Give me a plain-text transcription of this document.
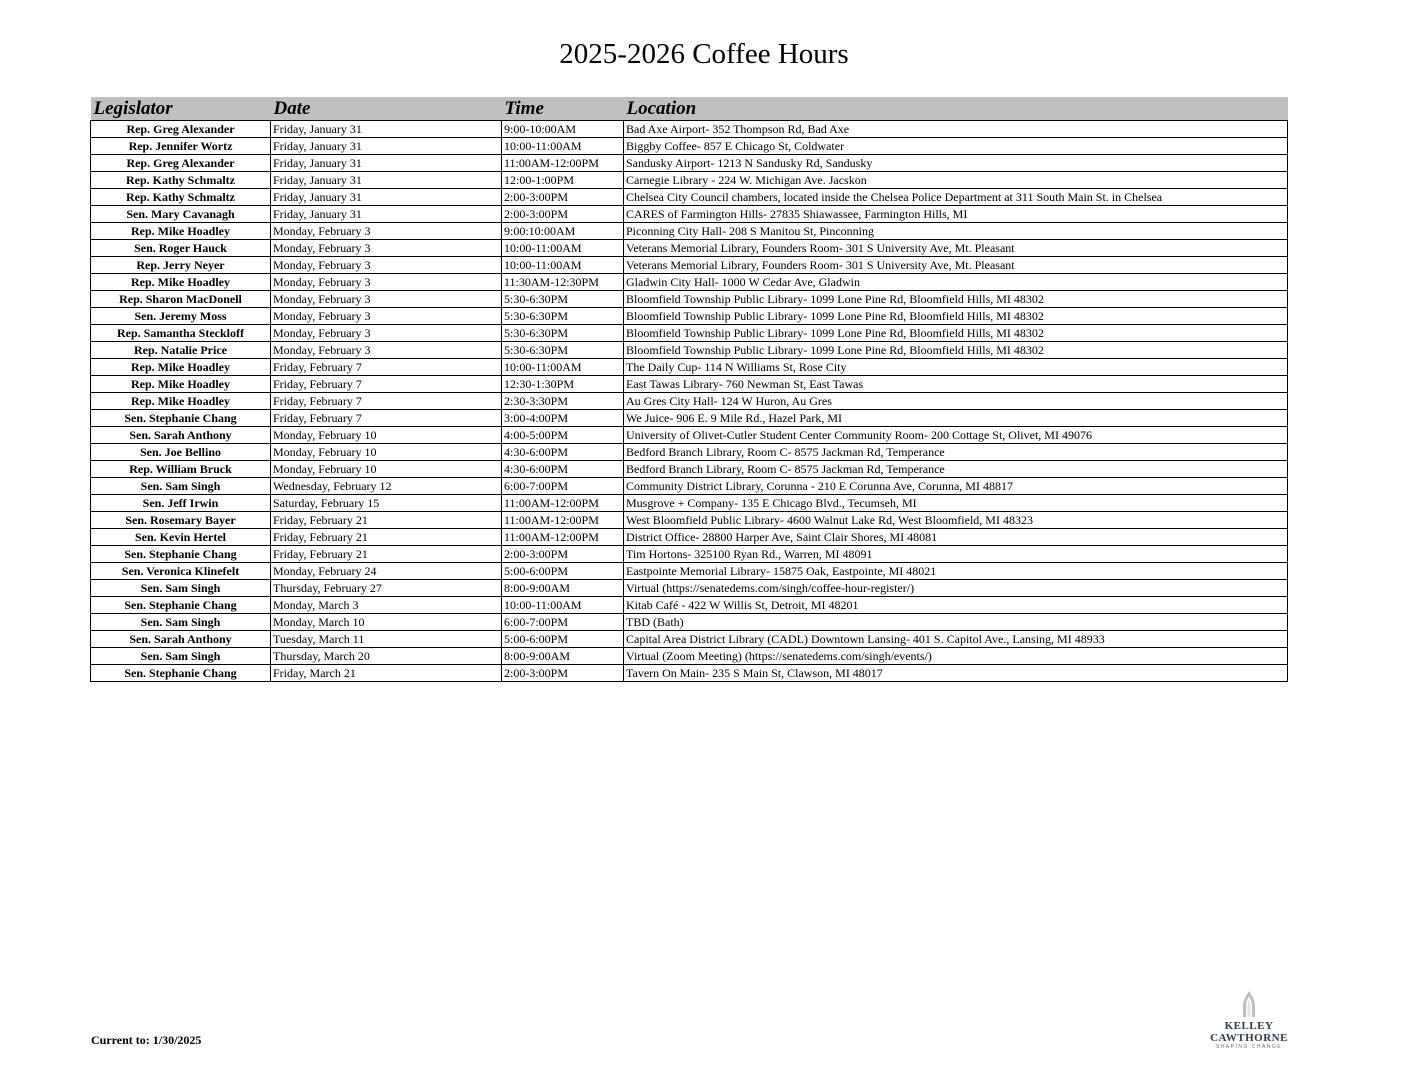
2025-2026 Coffee Hours
Legislator	Date	Time	Location
Rep. Greg Alexander	Friday, January 31	9:00-10:00AM	Bad Axe Airport- 352 Thompson Rd, Bad Axe
Rep. Jennifer Wortz	Friday, January 31	10:00-11:00AM	Biggby Coffee- 857 E Chicago St, Coldwater
Rep. Greg Alexander	Friday, January 31	11:00AM-12:00PM	Sandusky Airport- 1213 N Sandusky Rd, Sandusky
Rep. Kathy Schmaltz	Friday, January 31	12:00-1:00PM	Carnegie Library - 224 W. Michigan Ave. Jacskon
Rep. Kathy Schmaltz	Friday, January 31	2:00-3:00PM	Chelsea City Council chambers, located inside the Chelsea Police Department at 311 South Main St. in Chelsea
Sen. Mary Cavanagh	Friday, January 31	2:00-3:00PM	CARES of Farmington Hills- 27835 Shiawassee, Farmington Hills, MI
Rep. Mike Hoadley	Monday, February 3	9:00:10:00AM	Piconning City Hall- 208 S Manitou St, Pinconning
Sen. Roger Hauck	Monday, February 3	10:00-11:00AM	Veterans Memorial Library, Founders Room- 301 S University Ave, Mt. Pleasant
Rep. Jerry Neyer	Monday, February 3	10:00-11:00AM	Veterans Memorial Library, Founders Room- 301 S University Ave, Mt. Pleasant
Rep. Mike Hoadley	Monday, February 3	11:30AM-12:30PM	Gladwin City Hall- 1000 W Cedar Ave, Gladwin
Rep. Sharon MacDonell	Monday, February 3	5:30-6:30PM	Bloomfield Township Public Library- 1099 Lone Pine Rd, Bloomfield Hills, MI 48302
Sen. Jeremy Moss	Monday, February 3	5:30-6:30PM	Bloomfield Township Public Library- 1099 Lone Pine Rd, Bloomfield Hills, MI 48302
Rep. Samantha Steckloff	Monday, February 3	5:30-6:30PM	Bloomfield Township Public Library- 1099 Lone Pine Rd, Bloomfield Hills, MI 48302
Rep. Natalie Price	Monday, February 3	5:30-6:30PM	Bloomfield Township Public Library- 1099 Lone Pine Rd, Bloomfield Hills, MI 48302
Rep. Mike Hoadley	Friday, February 7	10:00-11:00AM	The Daily Cup- 114 N Williams St, Rose City
Rep. Mike Hoadley	Friday, February 7	12:30-1:30PM	East Tawas Library- 760 Newman St, East Tawas
Rep. Mike Hoadley	Friday, February 7	2:30-3:30PM	Au Gres City Hall- 124 W Huron, Au Gres
Sen. Stephanie Chang	Friday, February 7	3:00-4:00PM	We Juice- 906 E. 9 Mile Rd., Hazel Park, MI
Sen. Sarah Anthony	Monday, February 10	4:00-5:00PM	University of Olivet-Cutler Student Center Community Room- 200 Cottage St, Olivet, MI 49076
Sen. Joe Bellino	Monday, February 10	4:30-6:00PM	Bedford Branch Library, Room C- 8575 Jackman Rd, Temperance
Rep. William Bruck	Monday, February 10	4:30-6:00PM	Bedford Branch Library, Room C- 8575 Jackman Rd, Temperance
Sen. Sam Singh	Wednesday, February 12	6:00-7:00PM	Community District Library, Corunna - 210 E Corunna Ave, Corunna, MI 48817
Sen. Jeff Irwin	Saturday, February 15	11:00AM-12:00PM	Musgrove + Company- 135 E Chicago Blvd., Tecumseh, MI
Sen. Rosemary Bayer	Friday, February 21	11:00AM-12:00PM	West Bloomfield Public Library- 4600 Walnut Lake Rd, West Bloomfield, MI 48323
Sen. Kevin Hertel	Friday, February 21	11:00AM-12:00PM	District Office- 28800 Harper Ave, Saint Clair Shores, MI 48081
Sen. Stephanie Chang	Friday, February 21	2:00-3:00PM	Tim Hortons- 325100 Ryan Rd., Warren, MI 48091
Sen. Veronica Klinefelt	Monday, February 24	5:00-6:00PM	Eastpointe Memorial Library- 15875 Oak, Eastpointe, MI 48021
Sen. Sam Singh	Thursday, February 27	8:00-9:00AM	Virtual (https://senatedems.com/singh/coffee-hour-register/)
Sen. Stephanie Chang	Monday, March 3	10:00-11:00AM	Kitab Café - 422 W Willis St, Detroit, MI 48201
Sen. Sam Singh	Monday, March 10	6:00-7:00PM	TBD (Bath)
Sen. Sarah Anthony	Tuesday, March 11	5:00-6:00PM	Capital Area District Library (CADL) Downtown Lansing- 401 S. Capitol Ave., Lansing, MI 48933
Sen. Sam Singh	Thursday, March 20	8:00-9:00AM	Virtual (Zoom Meeting) (https://senatedems.com/singh/events/)
Sen. Stephanie Chang	Friday, March 21	2:00-3:00PM	Tavern On Main- 235 S Main St, Clawson, MI 48017
Current to: 1/30/2025
KELLEY CAWTHORNE
SHAPING CHANGE
